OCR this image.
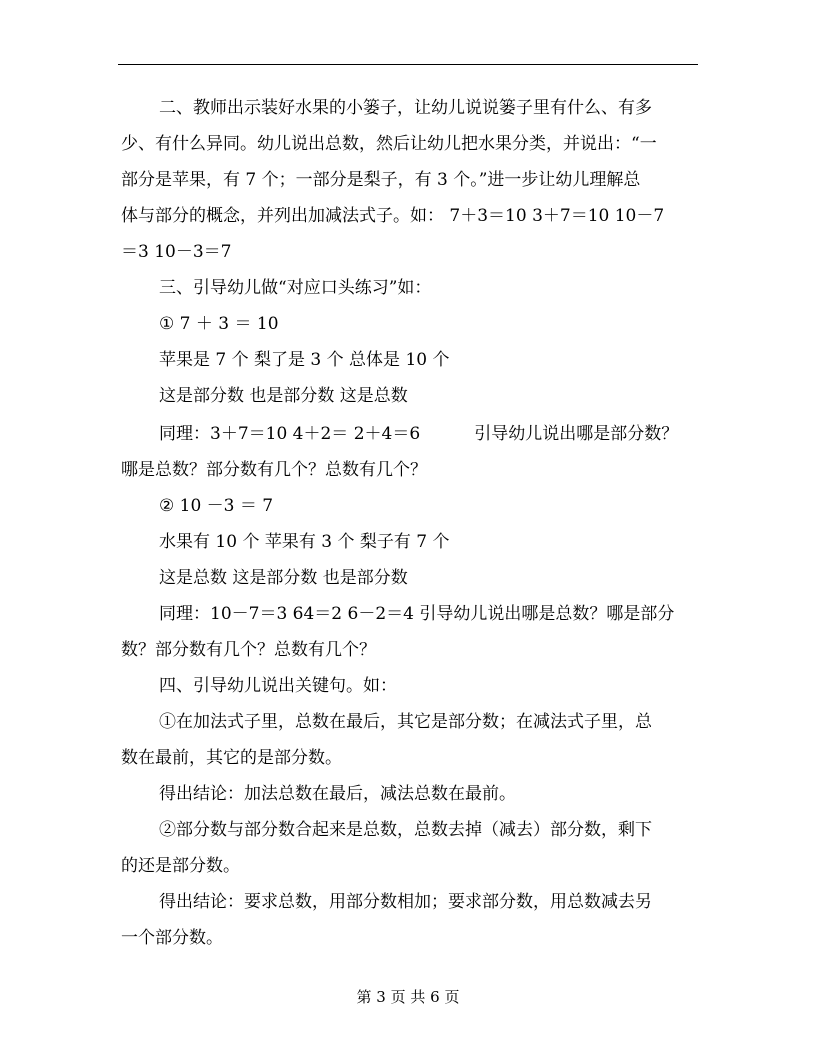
二、教师出示装好水果的小篓子，让幼儿说说篓子里有什么、有多
少、有什么异同。幼儿说出总数，然后让幼儿把水果分类，并说出：“一
部分是苹果，有 7 个；一部分是梨子，有 3 个。”进一步让幼儿理解总
体与部分的概念，并列出加减法式子。如： 7＋3＝10 3＋7＝10 10－7
＝3 10－3＝7
三、引导幼儿做“对应口头练习”如：
① 7 ＋ 3 ＝ 10
苹果是 7 个 梨了是 3 个 总体是 10 个
这是部分数 也是部分数 这是总数
同理：3＋7＝10 4＋2＝ 2＋4＝6          引导幼儿说出哪是部分数？
哪是总数？部分数有几个？总数有几个？
② 10 －3 ＝ 7
水果有 10 个 苹果有 3 个 梨子有 7 个
这是总数 这是部分数 也是部分数
同理：10－7＝3 64＝2 6－2＝4 引导幼儿说出哪是总数？哪是部分
数？部分数有几个？总数有几个？
四、引导幼儿说出关键句。如：
①在加法式子里，总数在最后，其它是部分数；在减法式子里，总
数在最前，其它的是部分数。
得出结论：加法总数在最后，减法总数在最前。
②部分数与部分数合起来是总数，总数去掉（减去）部分数，剩下
的还是部分数。
得出结论：要求总数，用部分数相加；要求部分数，用总数减去另
一个部分数。
第 3 页 共 6 页
